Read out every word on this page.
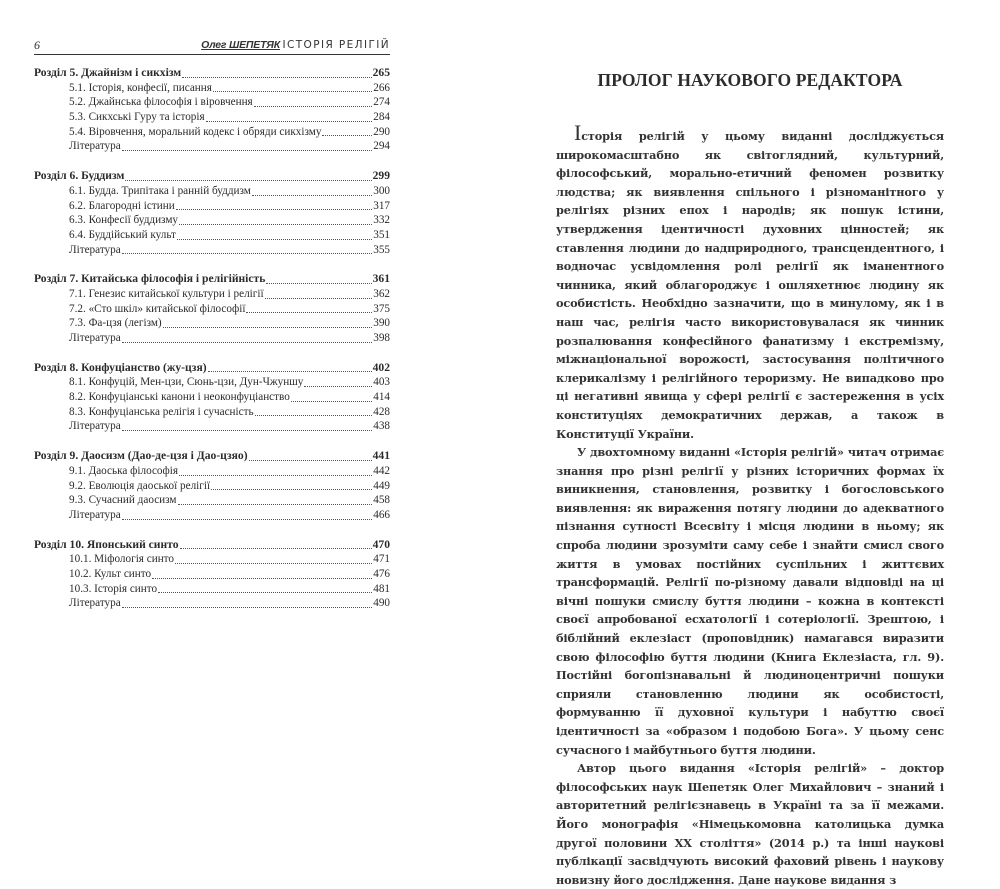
6	Олег ШЕПЕТЯК ІСТОРІЯ РЕЛІГІЙ
Розділ 5. Джайнізм і сикхізм	265
5.1. Історія, конфесії, писання	266
5.2. Джайнська філософія і віровчення	274
5.3. Сикхські Гуру та історія	284
5.4. Віровчення, моральний кодекс і обряди сикхізму	290
Література	294
Розділ 6. Буддизм	299
6.1. Будда. Трипітака і ранній буддизм	300
6.2. Благородні істини	317
6.3. Конфесії буддизму	332
6.4. Буддійський культ	351
Література	355
Розділ 7. Китайська філософія і релігійність	361
7.1. Генезис китайської культури і релігії	362
7.2. «Сто шкіл» китайської філософії	375
7.3. Фа-цзя (легізм)	390
Література	398
Розділ 8. Конфуціанство (жу-цзя)	402
8.1. Конфуцій, Мен-цзи, Сюнь-цзи, Дун-Чжуншу	403
8.2. Конфуціанські канони і неоконфуціанство	414
8.3. Конфуціанська релігія і сучасність	428
Література	438
Розділ 9. Даосизм (Дао-де-цзя і Дао-цзяо)	441
9.1. Даоська філософія	442
9.2. Еволюція даоської релігії	449
9.3. Сучасний даосизм	458
Література	466
Розділ 10. Японський синто	470
10.1. Міфологія синто	471
10.2. Культ синто	476
10.3. Історія синто	481
Література	490
ПРОЛОГ НАУКОВОГО РЕДАКТОРА

Історія релігій у цьому виданні досліджується широкомасштабно як світоглядний, культурний, філософський, морально-етичний феномен розвитку людства; як виявлення спільного і різноманітного у релігіях різних епох і народів; як пошук істини, утвердження ідентичності духовних цінностей; як ставлення людини до надприродного, трансцендентного, і водночас усвідомлення ролі релігії як іманентного чинника, який облагороджує і ошляхетнює людину як особистість. Необхідно зазначити, що в минулому, як і в наш час, релігія часто використовувалася як чинник розпалювання конфесійного фанатизму і екстремізму, міжнаціональної ворожості, застосування політичного клерикалізму і релігійного тероризму. Не випадково про ці негативні явища у сфері релігії є застереження в усіх конституціях демократичних держав, а також в Конституції України.

У двохтомному виданні «Історія релігій» читач отримає знання про різні релігії у різних історичних формах їх виникнення, становлення, розвитку і богословського виявлення: як вираження потягу людини до адекватного пізнання сутності Всесвіту і місця людини в ньому; як спроба людини зрозуміти саму себе і знайти смисл свого життя в умовах постійних суспільних і життєвих трансформацій. Релігії по-різному давали відповіді на ці вічні пошуки смислу буття людини – кожна в контексті своєї апробованої есхатології і сотеріології. Зрештою, і біблійний еклезіаст (проповідник) намагався виразити свою філософію буття людини (Книга Еклезіаста, гл. 9). Постійні богопізнавальні й людиноцентричні пошуки сприяли становленню людини як особистості, формуванню її духовної культури і набуттю своєї ідентичності за «образом і подобою Бога». У цьому сенс сучасного і майбутнього буття людини.

Автор цього видання «Історія релігій» – доктор філософських наук Шепетяк Олег Михайлович – знаний і авторитетний релігієзнавець в Україні та за її межами. Його монографія «Німецькомовна католицька думка другої половини XX століття» (2014 р.) та інші наукові публікації засвідчують високий фаховий рівень і наукову новизну його дослідження. Дане наукове видання з
